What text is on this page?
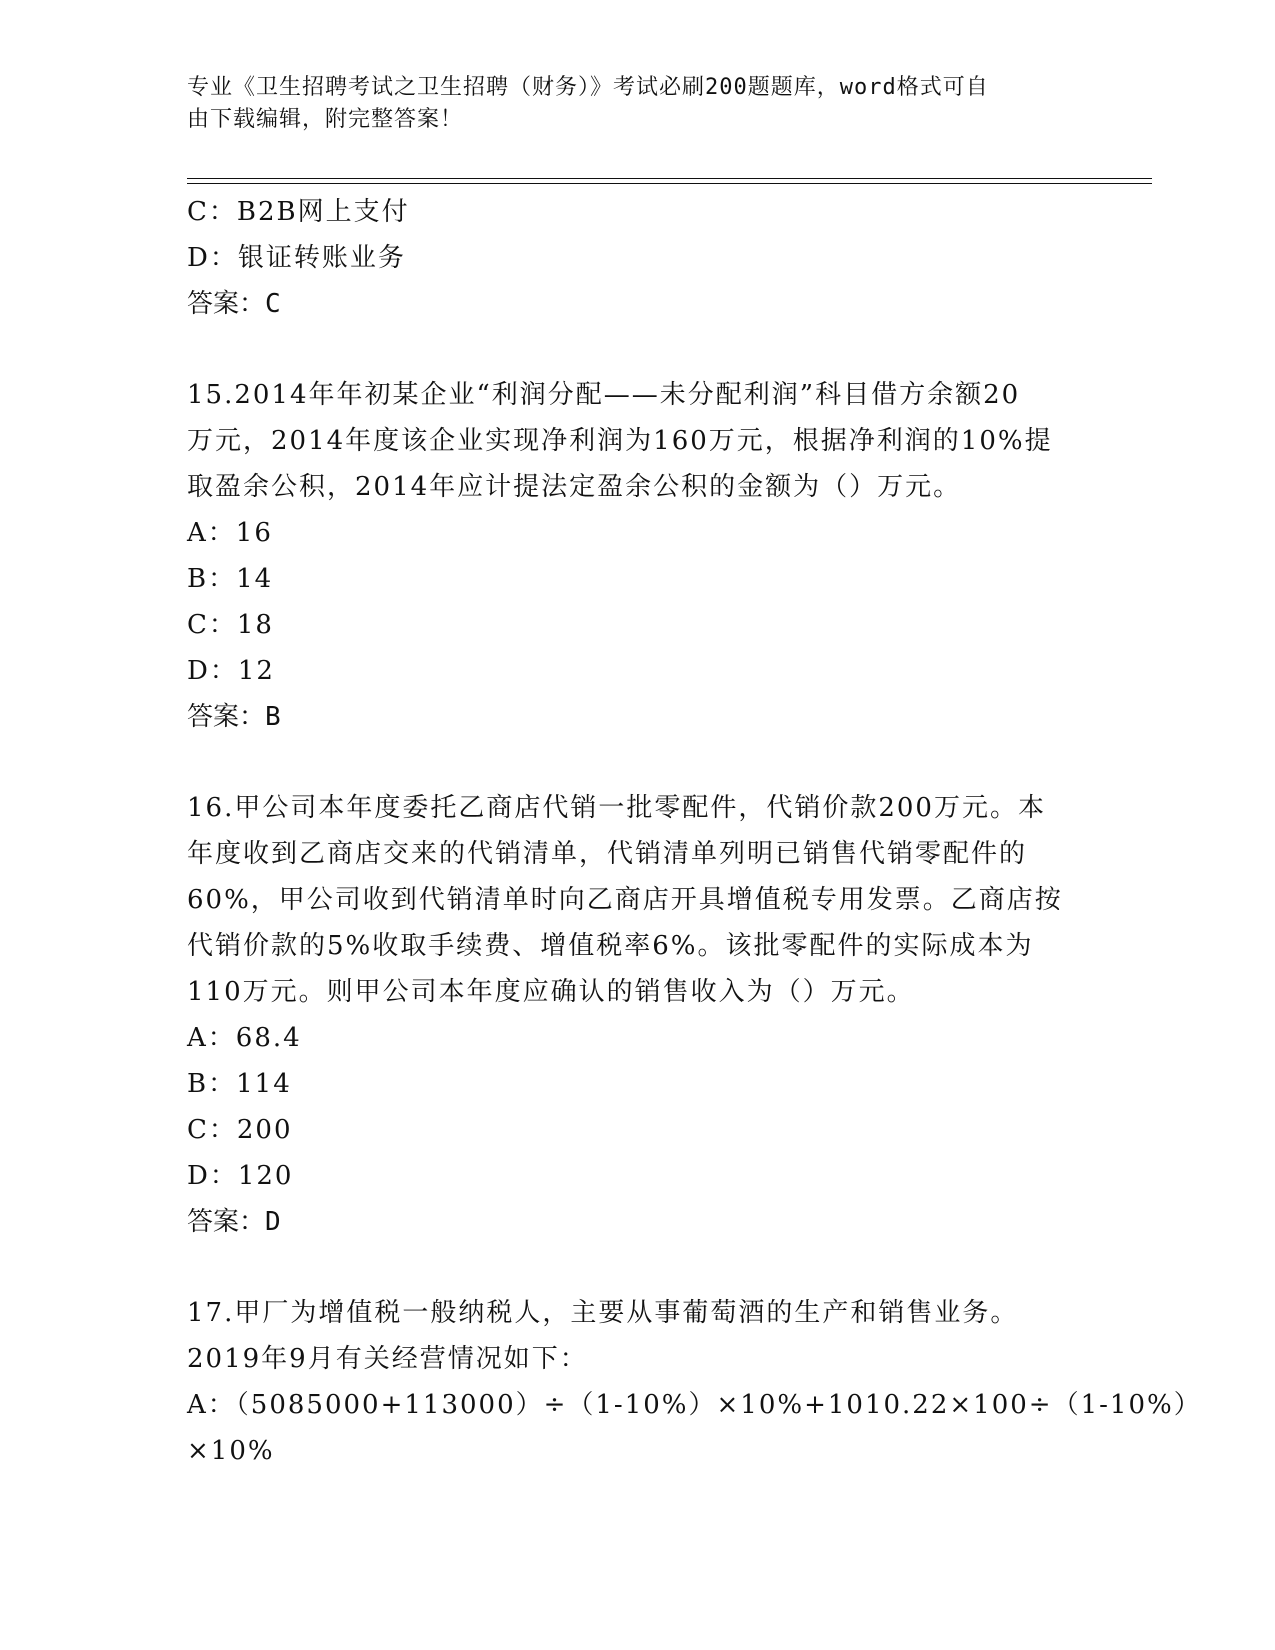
专业《卫生招聘考试之卫生招聘（财务）》考试必刷200题题库，word格式可自
由下载编辑，附完整答案！
C：B2B网上支付
D：银证转账业务
答案：C
15.2014年年初某企业“利润分配——未分配利润”科目借方余额20
万元，2014年度该企业实现净利润为160万元，根据净利润的10%提
取盈余公积，2014年应计提法定盈余公积的金额为（）万元。
A：16
B：14
C：18
D：12
答案：B
16.甲公司本年度委托乙商店代销一批零配件，代销价款200万元。本
年度收到乙商店交来的代销清单，代销清单列明已销售代销零配件的
60%，甲公司收到代销清单时向乙商店开具增值税专用发票。乙商店按
代销价款的5%收取手续费、增值税率6%。该批零配件的实际成本为
110万元。则甲公司本年度应确认的销售收入为（）万元。
A：68.4
B：114
C：200
D：120
答案：D
17.甲厂为增值税一般纳税人，主要从事葡萄酒的生产和销售业务。
2019年9月有关经营情况如下：
A：（5085000+113000）÷（1-10%）×10%+1010.22×100÷（1-10%）
×10%
